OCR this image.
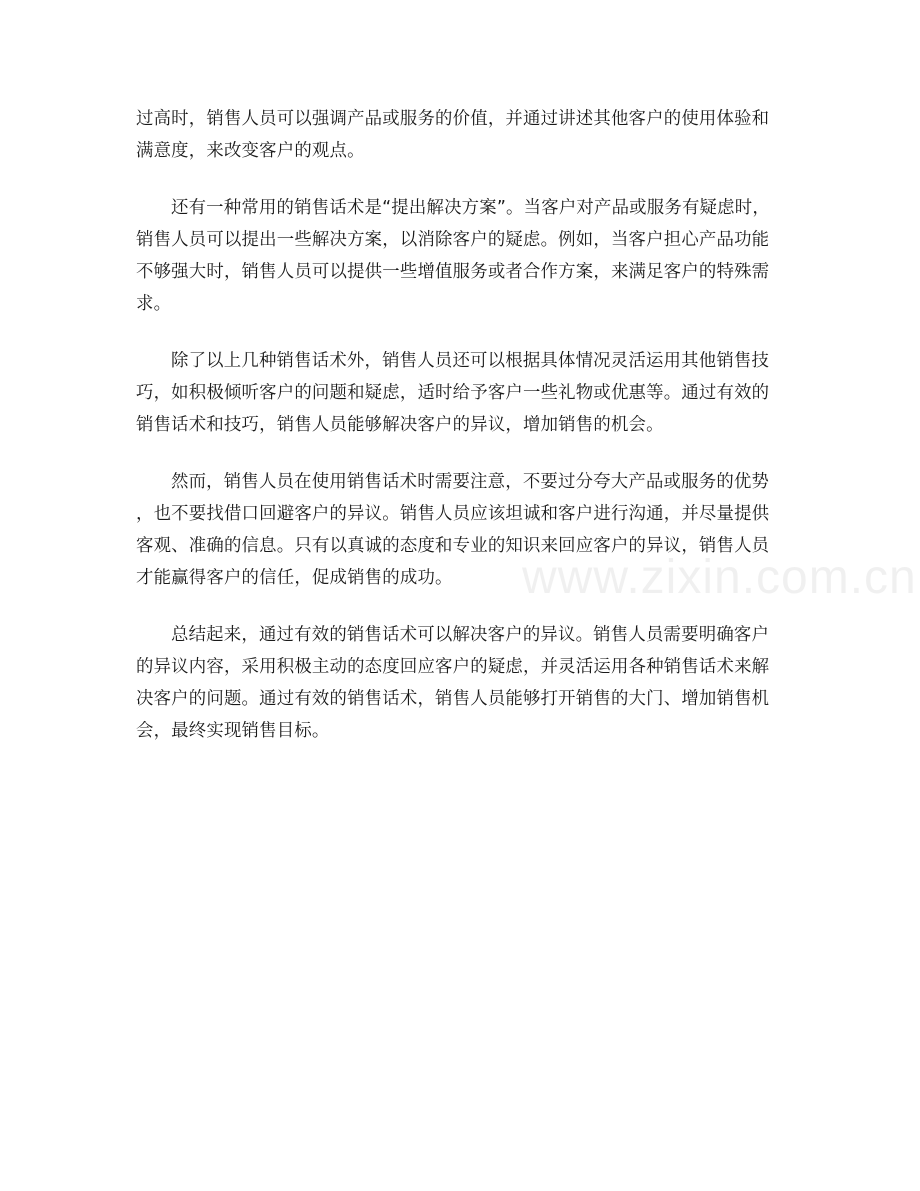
过高时，销售人员可以强调产品或服务的价值，并通过讲述其他客户的使用体验和
满意度，来改变客户的观点。

还有一种常用的销售话术是“提出解决方案”。当客户对产品或服务有疑虑时，
销售人员可以提出一些解决方案，以消除客户的疑虑。例如，当客户担心产品功能
不够强大时，销售人员可以提供一些增值服务或者合作方案，来满足客户的特殊需
求。

除了以上几种销售话术外，销售人员还可以根据具体情况灵活运用其他销售技
巧，如积极倾听客户的问题和疑虑，适时给予客户一些礼物或优惠等。通过有效的
销售话术和技巧，销售人员能够解决客户的异议，增加销售的机会。

然而，销售人员在使用销售话术时需要注意，不要过分夸大产品或服务的优势
，也不要找借口回避客户的异议。销售人员应该坦诚和客户进行沟通，并尽量提供
客观、准确的信息。只有以真诚的态度和专业的知识来回应客户的异议，销售人员
才能赢得客户的信任，促成销售的成功。

总结起来，通过有效的销售话术可以解决客户的异议。销售人员需要明确客户
的异议内容，采用积极主动的态度回应客户的疑虑，并灵活运用各种销售话术来解
决客户的问题。通过有效的销售话术，销售人员能够打开销售的大门、增加销售机
会，最终实现销售目标。

www.zixin.com.cn
